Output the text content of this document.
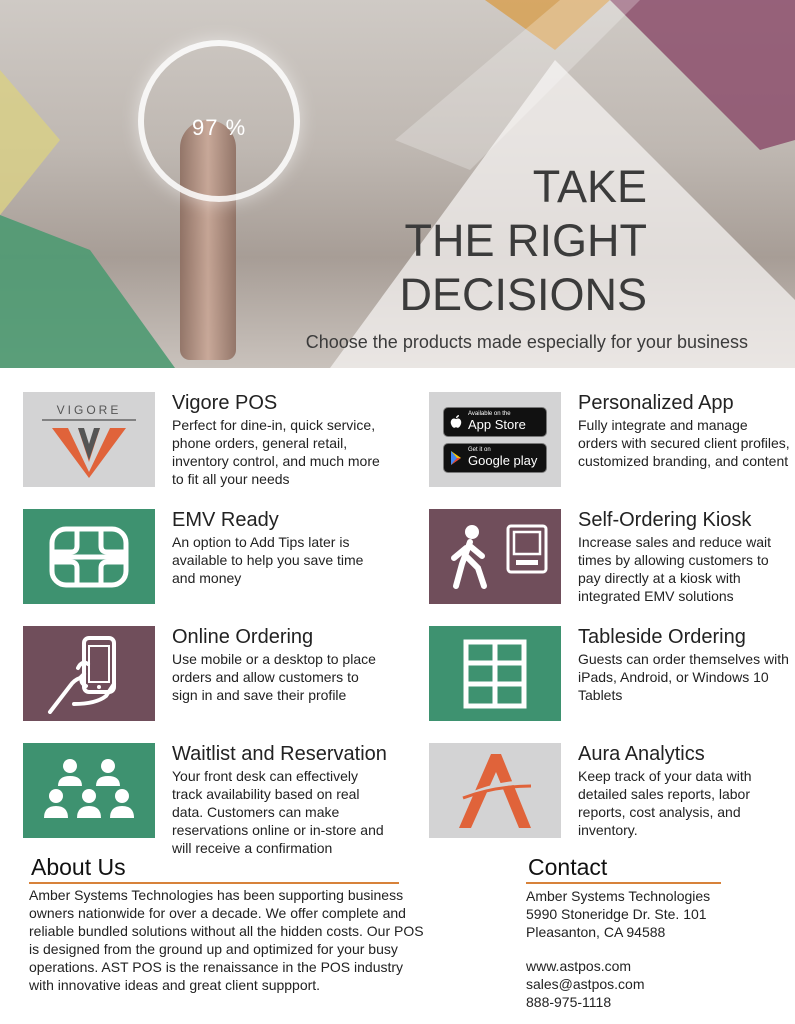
97 %
TAKE
THE RIGHT
DECISIONS
Choose the products made especially for your business
VIGORE	Vigore POS
Perfect for dine-in, quick service, phone orders, general retail, inventory control, and much more to fit all your needs
Available on the
App Store
Get it on
Google play
Personalized App
Fully integrate and manage orders with secured client profiles, customized branding, and content
EMV Ready
An option to Add Tips later is available to help you save time and money
Self-Ordering Kiosk
Increase sales and reduce wait times by allowing customers to pay directly at a kiosk with integrated EMV solutions
Online Ordering
Use mobile or a desktop to place orders and allow customers to sign in and save their profile
Tableside Ordering
Guests can order themselves with iPads, Android, or Windows 10 Tablets
Waitlist and Reservation
Your front desk can effectively track availability based on real data. Customers can make reservations online or in-store and will receive a confirmation
Aura Analytics
Keep track of your data with detailed sales reports, labor reports, cost analysis, and inventory.
About Us
Amber Systems Technologies has been supporting business owners nationwide for over a decade. We offer complete and reliable bundled solutions without all the hidden costs. Our POS is designed from the ground up and optimized for your busy operations. AST POS is the renaissance in the POS industry with innovative ideas and great client suppport.
Contact
Amber Systems Technologies
5990 Stoneridge Dr. Ste. 101
Pleasanton, CA 94588
www.astpos.com
sales@astpos.com
888-975-1118
